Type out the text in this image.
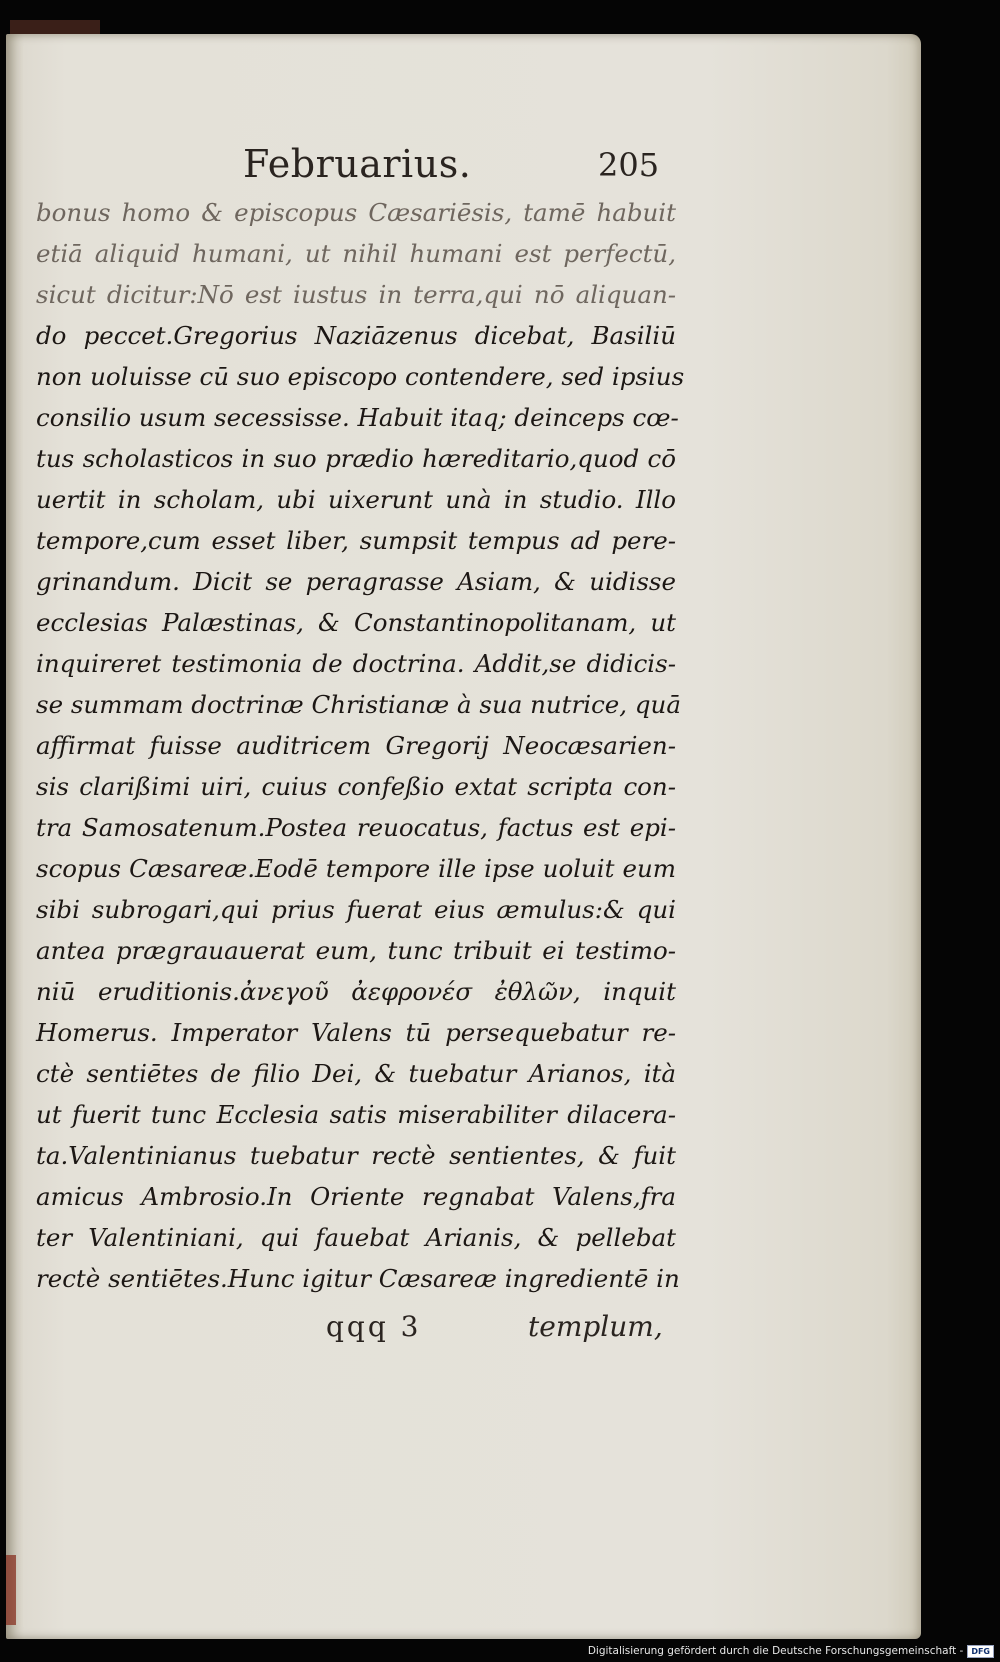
Februarius.	205
bonus homo & episcopus Cæsariēsis, tamē habuit
etiā aliquid humani, ut nihil humani est perfectū,
sicut dicitur:Nō est iustus in terra,qui nō aliquan-
do peccet.Gregorius Naziāzenus dicebat, Basiliū
non uoluisse cū suo episcopo contendere, sed ipsius
consilio usum secessisse. Habuit itaq; deinceps cœ-
tus scholasticos in suo prædio hæreditario,quod cō
uertit in scholam, ubi uixerunt unà in studio. Illo
tempore,cum esset liber, sumpsit tempus ad pere-
grinandum. Dicit se peragrasse Asiam, & uidisse
ecclesias Palæstinas, & Constantinopolitanam, ut
inquireret testimonia de doctrina. Addit,se didicis-
se summam doctrinæ Christianæ à sua nutrice, quā
affirmat fuisse auditricem Gregorij Neocæsarien-
sis clarißimi uiri, cuius confeßio extat scripta con-
tra Samosatenum.Postea reuocatus, factus est epi-
scopus Cæsareæ.Eodē tempore ille ipse uoluit eum
sibi subrogari,qui prius fuerat eius æmulus:& qui
antea prægrauauerat eum, tunc tribuit ei testimo-
niū eruditionis.ἀνεγοῦ ἀεφρονέσ ἐθλῶν, inquit
Homerus. Imperator Valens tū persequebatur re-
ctè sentiētes de filio Dei, & tuebatur Arianos, ità
ut fuerit tunc Ecclesia satis miserabiliter dilacera-
ta.Valentinianus tuebatur rectè sentientes, & fuit
amicus Ambrosio.In Oriente regnabat Valens,fra
ter Valentiniani, qui fauebat Arianis, & pellebat
rectè sentiētes.Hunc igitur Cæsareæ ingredientē in
qqq 3	templum,
Digitalisierung gefördert durch die Deutsche Forschungsgemeinschaft -	DFG
